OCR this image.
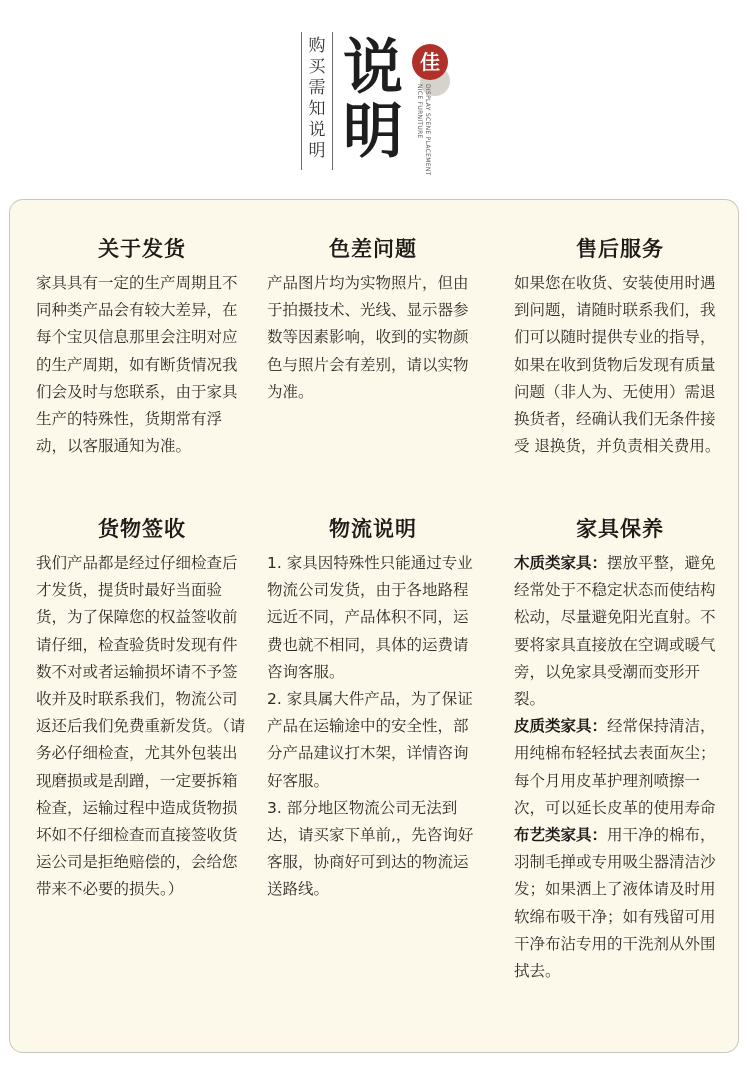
购买需知说明
说
明
佳
NICE FURNITURE DISPLAY SCENE PLACEMENT
关于发货
家具具有一定的生产周期且不同种类产品会有较大差异，在每个宝贝信息那里会注明对应的生产周期，如有断货情况我们会及时与您联系，由于家具生产的特殊性，货期常有浮动，以客服通知为准。
色差问题
产品图片均为实物照片，但由于拍摄技术、光线、显示器参数等因素影响，收到的实物颜色与照片会有差别，请以实物为准。
售后服务
如果您在收货、安装使用时遇到问题，请随时联系我们，我们可以随时提供专业的指导，如果在收到货物后发现有质量问题（非人为、无使用）需退换货者，经确认我们无条件接受 退换货，并负责相关费用。
货物签收
我们产品都是经过仔细检查后才发货，提货时最好当面验货，为了保障您的权益签收前请仔细，检查验货时发现有件数不对或者运输损坏请不予签收并及时联系我们，物流公司返还后我们免费重新发货。（请务必仔细检查，尤其外包装出现磨损或是刮蹭，一定要拆箱检查，运输过程中造成货物损坏如不仔细检查而直接签收货运公司是拒绝赔偿的，会给您带来不必要的损失。）
物流说明

1. 家具因特殊性只能通过专业物流公司发货，由于各地路程远近不同，产品体积不同，运费也就不相同，具体的运费请咨询客服。

2. 家具属大件产品，为了保证产品在运输途中的安全性，部分产品建议打木架，详情咨询好客服。

3. 部分地区物流公司无法到达，请买家下单前,，先咨询好客服，协商好可到达的物流运送路线。

家具保养

木质类家具：摆放平整，避免经常处于不稳定状态而使结构松动，尽量避免阳光直射。不要将家具直接放在空调或暖气旁，以免家具受潮而变形开裂。

皮质类家具：经常保持清洁，用纯棉布轻轻拭去表面灰尘；每个月用皮革护理剂喷擦一次，可以延长皮革的使用寿命

布艺类家具：用干净的棉布，羽制毛掸或专用吸尘器清洁沙发；如果洒上了液体请及时用软绵布吸干净；如有残留可用干净布沾专用的干洗剂从外围拭去。
